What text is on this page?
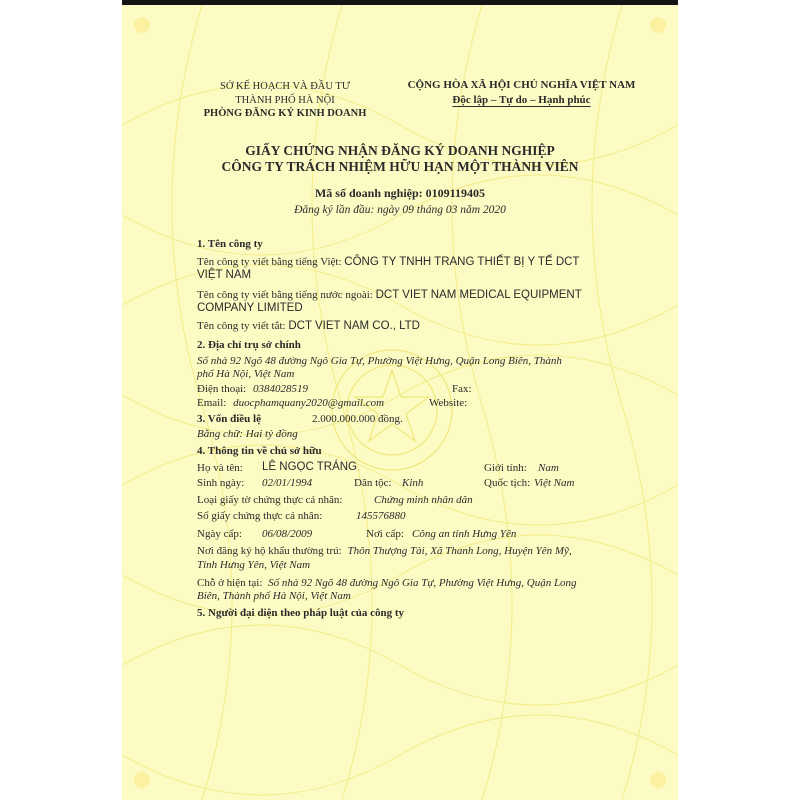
SỞ KẾ HOẠCH VÀ ĐẦU TƯ
THÀNH PHỐ HÀ NỘI
PHÒNG ĐĂNG KÝ KINH DOANH
CỘNG HÒA XÃ HỘI CHỦ NGHĨA VIỆT NAM
Độc lập – Tự do – Hạnh phúc
GIẤY CHỨNG NHẬN ĐĂNG KÝ DOANH NGHIỆP
CÔNG TY TRÁCH NHIỆM HỮU HẠN MỘT THÀNH VIÊN
Mã số doanh nghiệp: 0109119405
Đăng ký lần đầu: ngày 09 tháng 03 năm 2020
1. Tên công ty
Tên công ty viết bằng tiếng Việt: CÔNG TY TNHH TRANG THIẾT BỊ Y TẾ DCT
VIỆT NAM
Tên công ty viết bằng tiếng nước ngoài: DCT VIET NAM MEDICAL EQUIPMENT
COMPANY LIMITED
Tên công ty viết tắt: DCT VIET NAM CO., LTD
2. Địa chỉ trụ sở chính
Số nhà 92 Ngõ 48 đường Ngô Gia Tự, Phường Việt Hưng, Quận Long Biên, Thành
phố Hà Nội, Việt Nam
Điện thoại: 0384028519	Fax:
Email: duocphamquany2020@gmail.com	Website:
3. Vốn điều lệ	2.000.000.000 đồng.
Bằng chữ: Hai tỷ đồng
4. Thông tin về chủ sở hữu
Họ và tên: LÊ NGỌC TRÁNG	Giới tính: Nam
Sinh ngày: 02/01/1994	Dân tộc: Kinh	Quốc tịch: Việt Nam
Loại giấy tờ chứng thực cá nhân:	Chứng minh nhân dân
Số giấy chứng thực cá nhân:	145576880
Ngày cấp: 06/08/2009	Nơi cấp: Công an tỉnh Hưng Yên
Nơi đăng ký hộ khẩu thường trú: Thôn Thượng Tài, Xã Thanh Long, Huyện Yên Mỹ,
Tỉnh Hưng Yên, Việt Nam
Chỗ ở hiện tại: Số nhà 92 Ngõ 48 đường Ngô Gia Tự, Phường Việt Hưng, Quận Long
Biên, Thành phố Hà Nội, Việt Nam
5. Người đại diện theo pháp luật của công ty
